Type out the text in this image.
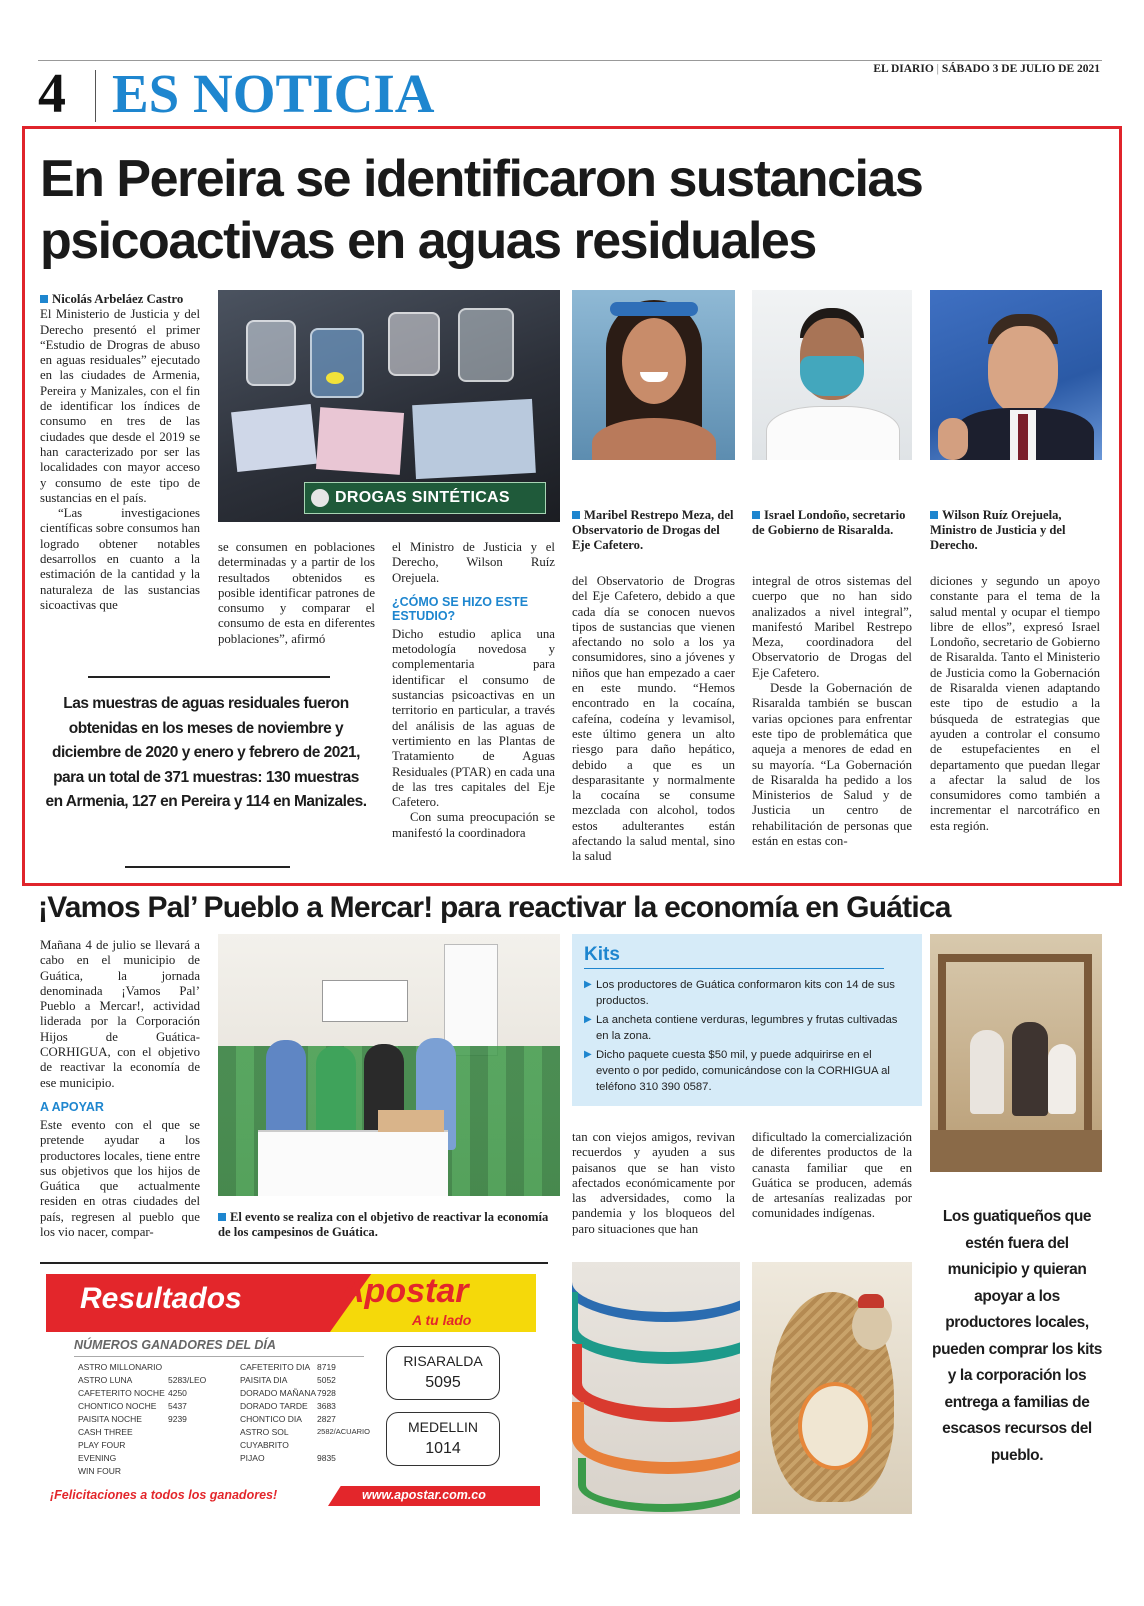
4 ES NOTICIA	EL DIARIO | SÁBADO 3 DE JULIO DE 2021
En Pereira se identificaron sustancias
psicoactivas en aguas residuales

Nicolás Arbeláez Castro

El Ministerio de Justicia y del Derecho presentó el primer “Estudio de Drogras de abuso en aguas residuales” ejecutado en las ciudades de Armenia, Pereira y Manizales, con el fin de identificar los índices de consumo en tres de las ciudades que desde el 2019 se han caracterizado por ser las localidades con mayor acceso y consumo de este tipo de sustancias en el país.

“Las investigaciones científicas sobre consumos han logrado obtener notables desarrollos en cuanto a la estimación de la cantidad y la naturaleza de las sustancias sicoactivas que

DROGAS SINTÉTICAS
Maribel Restrepo Meza, del Observatorio de Drogas del Eje Cafetero.
Israel Londoño, secretario de Gobierno de Risaralda.
Wilson Ruíz Orejuela, Ministro de Justicia y del Derecho.

se consumen en poblaciones determinadas y a partir de los resultados obtenidos es posible identificar patrones de consumo y comparar el consumo de esta en diferentes poblaciones”, afirmó

el Ministro de Justicia y el Derecho, Wilson Ruíz Orejuela.

¿CÓMO SE HIZO ESTE ESTUDIO?

Dicho estudio aplica una metodología novedosa y complementaria para identificar el consumo de sustancias psicoactivas en un territorio en particular, a través del análisis de las aguas de vertimiento en las Plantas de Tratamiento de Aguas Residuales (PTAR) en cada una de las tres capitales del Eje Cafetero.

Con suma preocupación se manifestó la coordinadora

del Observatorio de Drogras del Eje Cafetero, debido a que cada día se conocen nuevos tipos de sustancias que vienen afectando no solo a los ya consumidores, sino a jóvenes y niños que han empezado a caer en este mundo. “Hemos encontrado en la cocaína, cafeína, codeína y levamisol, este último genera un alto riesgo para daño hepático, debido a que es un desparasitante y normalmente la cocaína se consume mezclada con alcohol, todos estos adulterantes están afectando la salud mental, sino la salud

integral de otros sistemas del cuerpo que no han sido analizados a nivel integral”, manifestó Maribel Restrepo Meza, coordinadora del Observatorio de Drogas del Eje Cafetero.

Desde la Gobernación de Risaralda también se buscan varias opciones para enfrentar este tipo de problemática que aqueja a menores de edad en su mayoría. “La Gobernación de Risaralda ha pedido a los Ministerios de Salud y de Justicia un centro de rehabilitación de personas que están en estas con-

diciones y segundo un apoyo constante para el tema de la salud mental y ocupar el tiempo libre de ellos”, expresó Israel Londoño, secretario de Gobierno de Risaralda. Tanto el Ministerio de Justicia como la Gobernación de Risaralda vienen adaptando este tipo de estudio a la búsqueda de estrategias que ayuden a controlar el consumo de estupefacientes en el departamento que puedan llegar a afectar la salud de los consumidores como también a incrementar el narcotráfico en esta región.

Las muestras de aguas residuales fueron obtenidas en los meses de noviembre y diciembre de 2020 y enero y febrero de 2021, para un total de 371 muestras: 130 muestras en Armenia, 127 en Pereira y 114 en Manizales.
¡Vamos Pal’ Pueblo a Mercar! para reactivar la economía en Guática

Mañana 4 de julio se llevará a cabo en el municipio de Guática, la jornada denominada ¡Vamos Pal’ Pueblo a Mercar!, actividad liderada por la Corporación Hijos de Guática-CORHIGUA, con el objetivo de reactivar la economía de ese municipio.

A APOYAR

Este evento con el que se pretende ayudar a los productores locales, tiene entre sus objetivos que los hijos de Guática que actualmente residen en otras ciudades del país, regresen al pueblo que los vio nacer, compar-

El evento se realiza con el objetivo de reactivar la economía de los campesinos de Guática.
Kits
▶ Los productores de Guática conformaron kits con 14 de sus productos.
▶ La ancheta contiene verduras, legumbres y frutas cultivadas en la zona.
▶ Dicho paquete cuesta $50 mil, y puede adquirirse en el evento o por pedido, comunicándose con la CORHIGUA al teléfono 310 390 0587.

tan con viejos amigos, revivan recuerdos y ayuden a sus paisanos que se han visto afectados económicamente por las adversidades, como la pandemia y los bloqueos del paro situaciones que han

dificultado la comercialización de diferentes productos de la canasta familiar que en Guática se producen, además de artesanías realizadas por comunidades indígenas.	Los guatiqueños que estén fuera del municipio y quieran apoyar a los productores locales, pueden comprar los kits y la corporación los entrega a familias de escasos recursos del pueblo.
Resultados	Apostar
A tu lado
NÚMEROS GANADORES DEL DÍA
ASTRO MILLONARIO
ASTRO LUNA	5283/LEO
CAFETERITO NOCHE 4250
CHONTICO NOCHE 5437
PAISITA NOCHE	9239
CASH THREE
PLAY FOUR
EVENING
WIN FOUR
CAFETERITO DIA 8719
PAISITA DIA	5052
DORADO MAÑANA 7928
DORADO TARDE 3683
CHONTICO DIA 2827
ASTRO SOL	2582/ACUARIO
CUYABRITO
PIJAO	9835
RISARALDA
5095
MEDELLIN
1014
¡Felicitaciones a todos los ganadores!	www.apostar.com.co
